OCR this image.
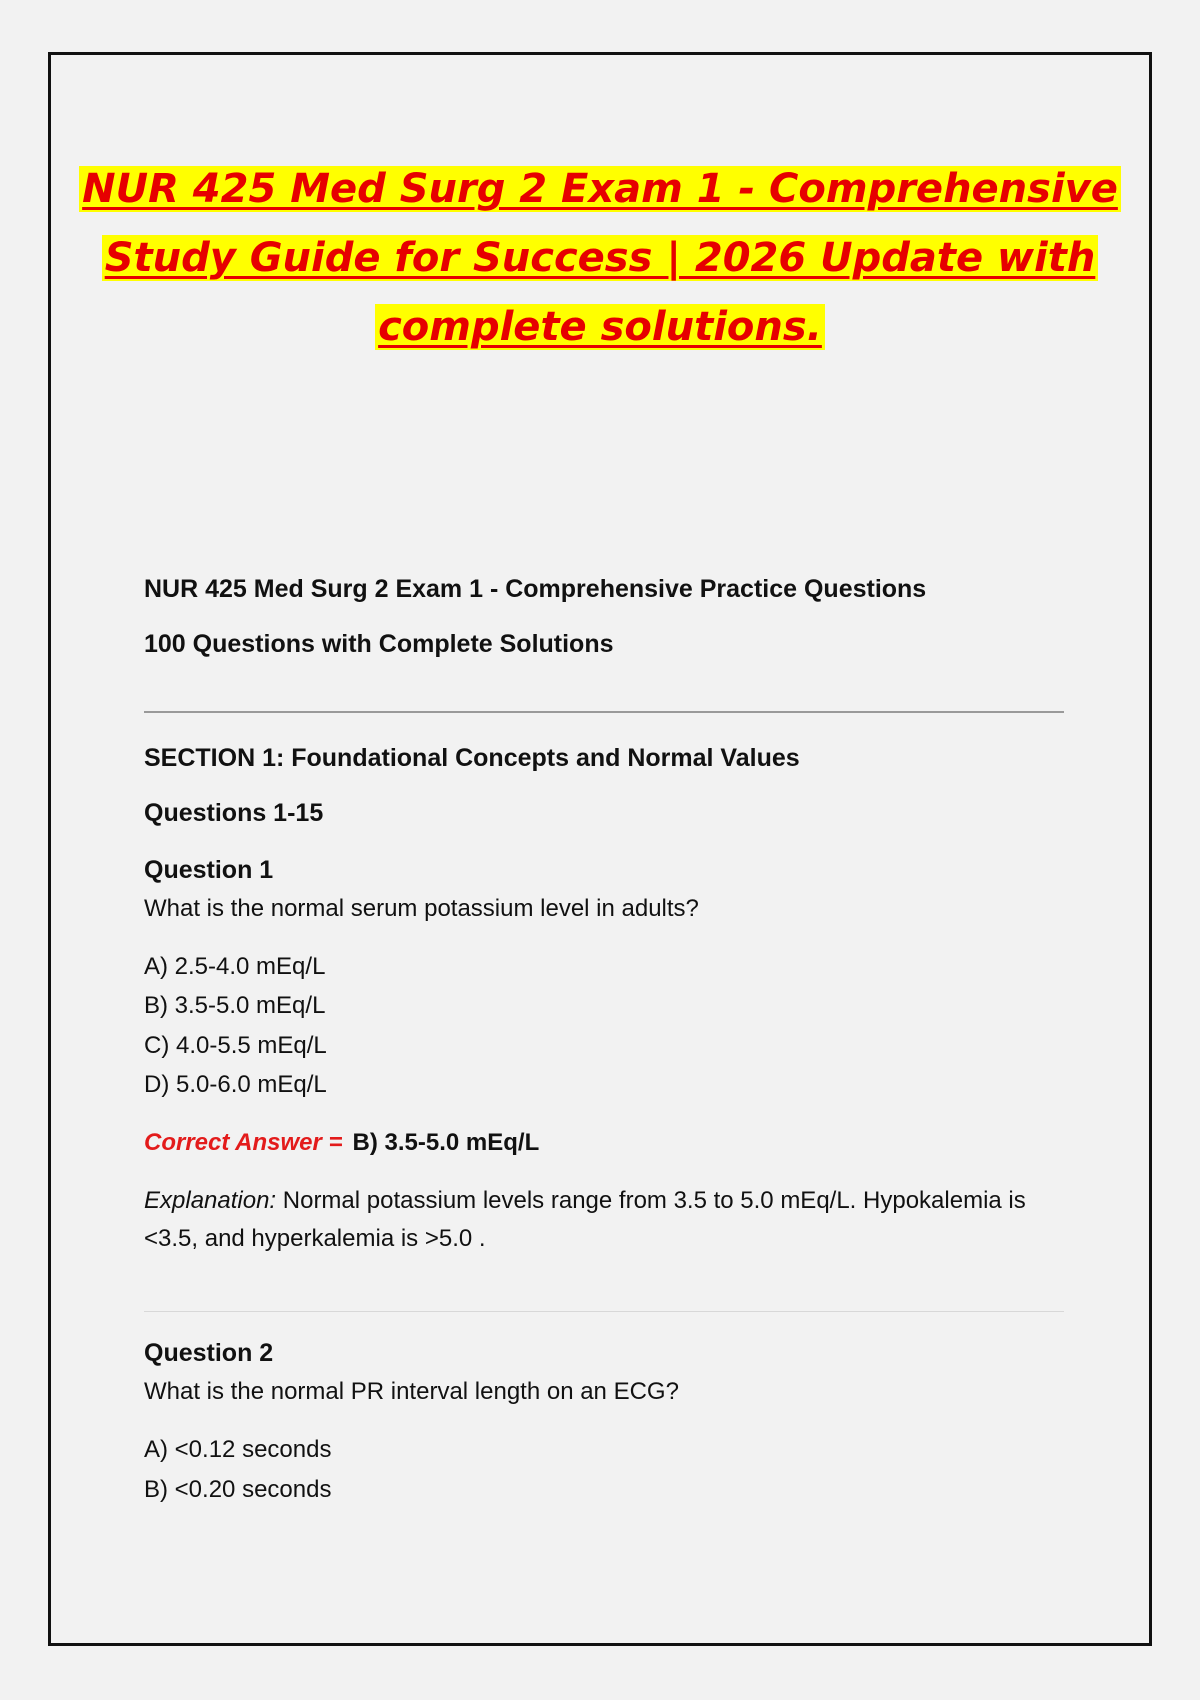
NUR 425 Med Surg 2 Exam 1 - Comprehensive
Study Guide for Success | 2026 Update with
complete solutions.
NUR 425 Med Surg 2 Exam 1 - Comprehensive Practice Questions
100 Questions with Complete Solutions
SECTION 1: Foundational Concepts and Normal Values
Questions 1-15
Question 1
What is the normal serum potassium level in adults?
A) 2.5-4.0 mEq/L
B) 3.5-5.0 mEq/L
C) 4.0-5.5 mEq/L
D) 5.0-6.0 mEq/L
Correct Answer = B) 3.5-5.0 mEq/L
Explanation: Normal potassium levels range from 3.5 to 5.0 mEq/L. Hypokalemia is <3.5, and hyperkalemia is >5.0 .
Question 2
What is the normal PR interval length on an ECG?
A) <0.12 seconds
B) <0.20 seconds
